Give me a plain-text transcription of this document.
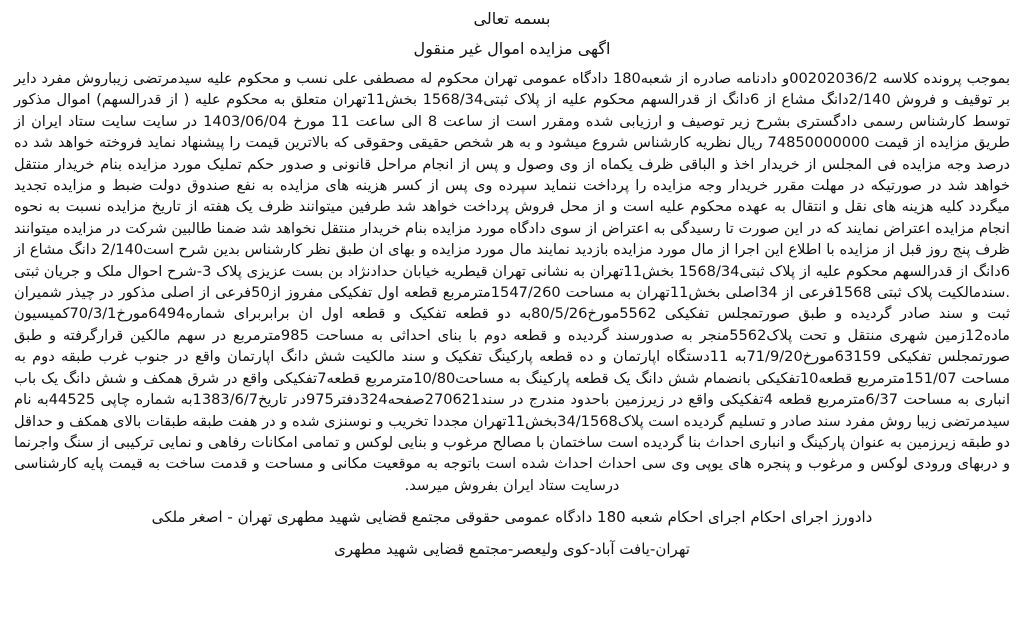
بسمه تعالی
اگهی مزایده اموال غیر منقول

بموجب پرونده کلاسه 00202036/2و دادنامه صادره از شعبه180 دادگاه عمومی تهران محکوم له مصطفی علی نسب و محکوم علیه سیدمرتضی زیباروش مفرد دایر بر توقیف و فروش 2/140دانگ مشاع از 6دانگ از قدرالسهم محکوم علیه از پلاک ثبتی1568/34 بخش11تهران متعلق به محکوم علیه ( از قدرالسهم) اموال مذکور توسط کارشناس رسمی دادگستری بشرح زیر توصیف و ارزیابی شده ومقرر است از ساعت 8 الی ساعت 11 مورخ 1403/06/04 در سایت سایت ستاد ایران از طریق مزایده از قیمت 74850000000 ریال نظریه کارشناس شروع میشود و به هر شخص حقیقی وحقوقی که بالاترین قیمت را پیشنهاد نماید فروخته خواهد شد ده درصد وجه مزایده فی المجلس از خریدار اخذ و الباقی ظرف یکماه از وی وصول و پس از انجام مراحل قانونی و صدور حکم تملیک مورد مزایده بنام خریدار منتقل خواهد شد در صورتیکه در مهلت مقرر خریدار وجه مزایده را پرداخت ننماید سپرده وی پس از کسر هزینه های مزایده به نفع صندوق دولت ضبط و مزایده تجدید میگردد کلیه هزینه های نقل و انتقال به عهده محکوم علیه است و از محل فروش پرداخت خواهد شد طرفین میتوانند ظرف یک هفته از تاریخ مزایده نسبت به نحوه انجام مزایده اعتراض نمایند که در این صورت تا رسیدگی به اعتراض از سوی دادگاه مورد مزایده بنام خریدار منتقل نخواهد شد ضمنا طالبین شرکت در مزایده میتوانند ظرف پنج روز قبل از مزایده با اطلاع این اجرا از مال مورد مزایده بازدید نمایند مال مورد مزایده و بهای ان طبق نظر کارشناس بدین شرح است2/140 دانگ مشاع از 6دانگ از قدرالسهم محکوم علیه از پلاک ثبتی1568/34 بخش11تهران به نشانی تهران قیطریه خیابان حدادنژاد بن بست عزیزی پلاک 3-شرح احوال ملک و جریان ثبتی .سندمالکیت پلاک ثبتی 1568فرعی از 34اصلی بخش11تهران به مساحت 1547/260مترمربع قطعه اول تفکیکی مفروز از50فرعی از اصلی مذکور در چیذر شمیران ثبت و سند صادر گردیده و طبق صورتمجلس تفکیکی 5562مورخ80/5/26به دو قطعه تفکیک و قطعه اول ان برابربرای شماره6494مورخ70/3/1کمیسیون ماده12زمین شهری منتقل و تحت پلاک5562منجر به صدورسند گردیده و قطعه دوم با بنای احداثی به مساحت 985مترمربع در سهم مالکین قرارگرفته و طبق صورتمجلس تفکیکی 63159مورخ71/9/20به 11دستگاه اپارتمان و ده قطعه پارکینگ تفکیک و سند مالکیت شش دانگ اپارتمان واقع در جنوب غرب طبقه دوم به مساحت 151/07مترمربع قطعه10تفکیکی بانضمام شش دانگ یک قطعه پارکینگ به مساحت10/80مترمربع قطعه7تفکیکی واقع در شرق همکف و شش دانگ یک باب انباری به مساحت 6/37مترمربع قطعه 4تفکیکی واقع در زیرزمین باحدود مندرج در سند270621صفحه324دفتر975در تاریخ1383/6/7به شماره چاپی 44525به نام سیدمرتضی زیبا روش مفرد سند صادر و تسلیم گردیده است پلاک34/1568بخش11تهران مجددا تخریب و نوسنزی شده و در هفت طبقه طبقات بالای همکف و حداقل دو طبقه زیرزمین به عنوان پارکینگ و انباری احداث بنا گردیده است ساختمان با مصالح مرغوب و بنایی لوکس و تمامی امکانات رفاهی و نمایی ترکیبی از سنگ واجرنما و دربهای ورودی لوکس و مرغوب و پنجره های یوپی وی سی احداث احداث شده است باتوجه به موقعیت مکانی و مساحت و قدمت ساخت به قیمت پایه کارشناسی درسایت ستاد ایران بفروش میرسد.

دادورز اجرای احکام اجرای احکام شعبه 180 دادگاه عمومی حقوقی مجتمع قضایی شهید مطهری تهران - اصغر ملکی
تهران-یافت آباد-کوی ولیعصر-مجتمع قضایی شهید مطهری
